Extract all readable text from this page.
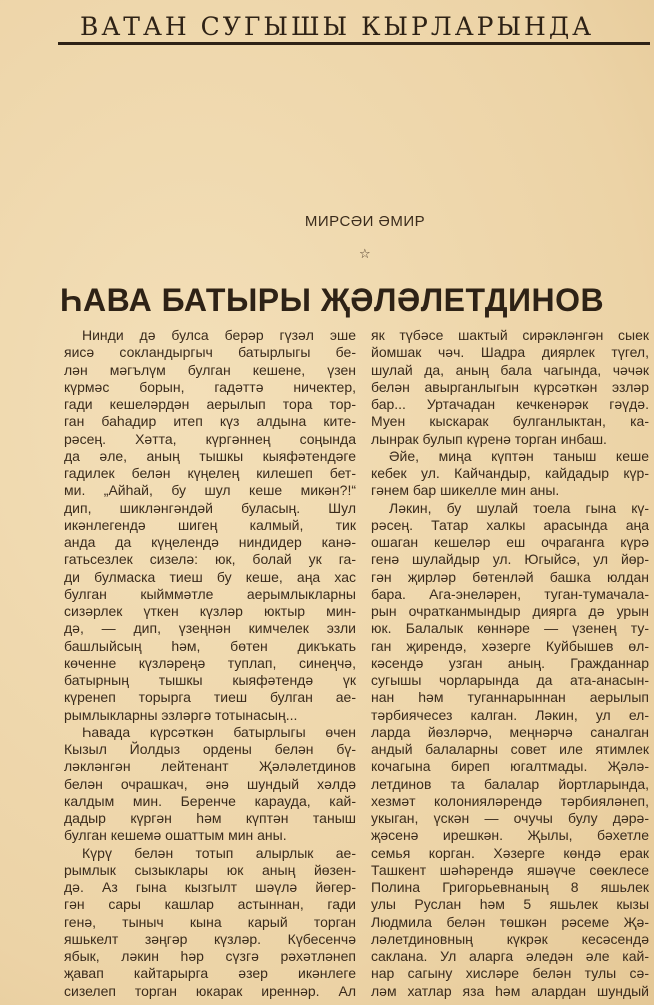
ВАТАН СУГЫШЫ КЫРЛАРЫНДА
МИРСӘИ ӘМИР
☆
ҺАВА БАТЫРЫ ҖӘЛӘЛЕТДИНОВ
Нинди дә булса берәр гүзәл эше
яисә сокландыргыч батырлыгы бе-
лән мәгълүм булган кешене, үзен
күрмәс борын, гадәттә ничектер,
гади кешеләрдән аерылып тора тор-
ган баһадир итеп күз алдына ките-
рәсең. Хәтта, күргәннең соңында
да әле, аның тышкы кыяфәтендәге
гадилек белән күңелең килешеп бет-
ми. „Айһай, бу шул кеше микән?!“
дип, шикләнгәндәй буласың. Шул
икәнлегендә шигең калмый, тик
анда да күңелендә ниндидер канә-
гатьсезлек сизелә: юк, болай ук га-
ди булмаска тиеш бу кеше, аңа хас
булган кыйммәтле аерымлыкларны
сизәрлек үткен күзләр юктыр мин-
дә, — дип, үзеңнән кимчелек эзли
башлыйсың һәм, бөтен дикъкать
көченне күзләреңә туплап, синеңчә,
батырның тышкы кыяфәтендә үк
күренеп торырга тиеш булган ае-
рымлыкларны эзләргә тотынасың...
Һавада күрсәткән батырлыгы өчен
Кызыл Йолдыз ордены белән бү-
ләкләнгән лейтенант Җәләлетдинов
белән очрашкач, әнә шундый хәлдә
калдым мин. Беренче карауда, кай-
дадыр күргән һәм күптән таныш
булган кешемә ошаттым мин аны.
Күрү белән тотып алырлык ае-
рымлык сызыклары юк аның йөзен-
дә. Аз гына кызгылт шәүлә йөгер-
гән сары кашлар астыннан, гади
генә, тыныч кына карый торган
яшькелт зәңгәр күзләр. Күбесенчә
ябык, ләкин һәр сүзгә рәхәтләнеп
җавап кайтарырга әзер икәнлеге
сизелеп торган юкарак иреннәр. Ал
як түбәсе шактый сирәкләнгән сыек
йомшак чәч. Шадра диярлек түгел,
шулай да, аның бала чагында, чәчәк
белән авырганлыгын күрсәткән эзләр
бар... Уртачадан кечкенәрәк гәүдә.
Муен кыскарак булганлыктан, ка-
лынрак булып күренә торган инбаш.
Әйе, миңа күптән таныш кеше
кебек ул. Кайчандыр, кайдадыр күр-
гәнем бар шикелле мин аны.
Ләкин, бу шулай тоела гына кү-
рәсең. Татар халкы арасында аңа
ошаган кешеләр еш очраганга күрә
генә шулайдыр ул. Югыйсә, ул йөр-
гән җирләр бөтенләй башка юлдан
бара. Ага-энеләрен, туган-тумачала-
рын очратканмындыр диярга дә урын
юк. Балалык көннәре — үзенең ту-
ган җирендә, хәзерге Куйбышев өл-
кәсендә узган аның. Гражданнар
сугышы чорларында да ата-анасын-
нан һәм туганнарыннан аерылып
тәрбиячесез калган. Ләкин, ул ел-
ларда йөзләрчә, меңнәрчә саналган
андый балаларны совет иле ятимлек
кочагына биреп югалтмады. Җәлә-
летдинов та балалар йортларында,
хезмәт колонияләрендә тәрбияләнеп,
укыган, үскән — очучы булу дәрә-
җәсенә ирешкән. Җылы, бәхетле
семья корган. Хәзерге көндә ерак
Ташкент шәһәрендә яшәүче сөеклесе
Полина Григорьевнаның 8 яшьлек
улы Руслан һәм 5 яшьлек кызы
Людмила белән төшкән рәсеме Җә-
ләлетдиновның күкрәк кесәсендә
саклана. Ул аларга әледән әле кай-
нар сагыну хисләре белән тулы сә-
ләм хатлар яза һәм алардан шундый
